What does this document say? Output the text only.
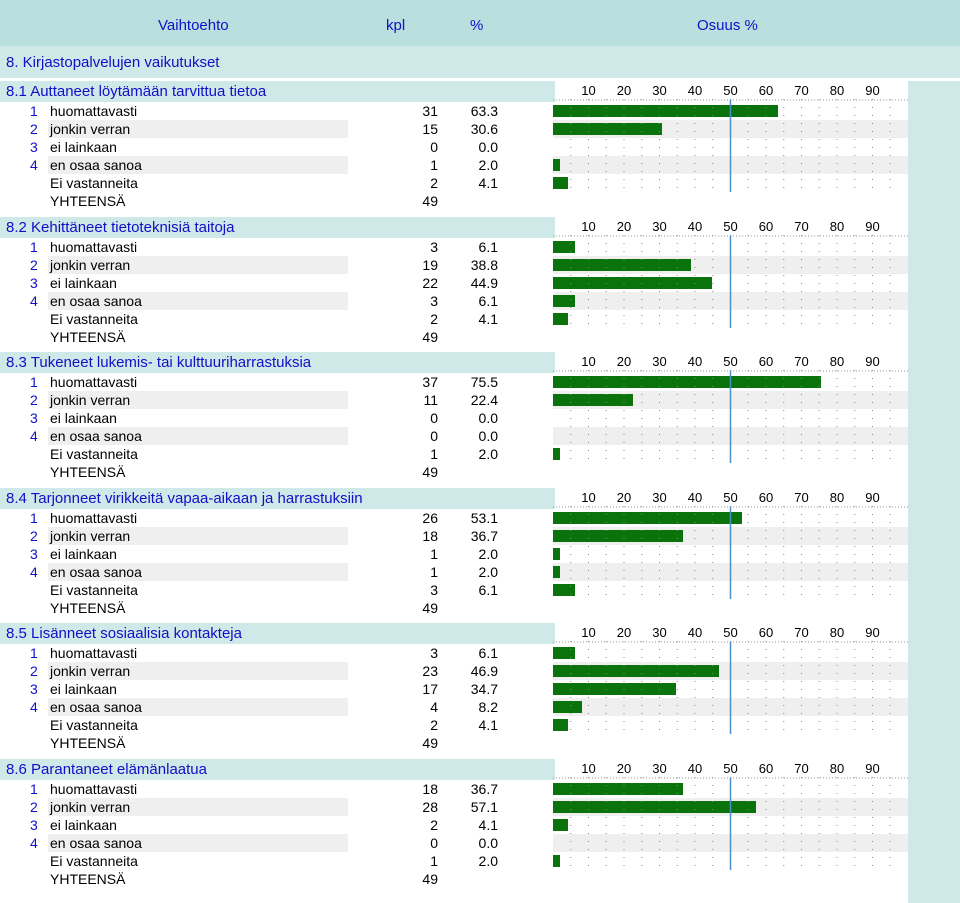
Vaihtoehto	kpl	%	Osuus %
8. Kirjastopalvelujen vaikutukset
8.1 Auttaneet löytämään tarvittua tietoa	10 20 30 40 50 60 70 80 90
1 huomattavasti	31	63.3
2 jonkin verran	15	30.6
3 ei lainkaan	0	0.0
4 en osaa sanoa	1	2.0
Ei vastanneita	2	4.1
YHTEENSÄ	49
8.2 Kehittäneet tietoteknisiä taitoja	10 20 30 40 50 60 70 80 90
1 huomattavasti	3	6.1
2 jonkin verran	19	38.8
3 ei lainkaan	22	44.9
4 en osaa sanoa	3	6.1
Ei vastanneita	2	4.1
YHTEENSÄ	49
8.3 Tukeneet lukemis- tai kulttuuriharrastuksia	10 20 30 40 50 60 70 80 90
1 huomattavasti	37	75.5
2 jonkin verran	11	22.4
3 ei lainkaan	0	0.0
4 en osaa sanoa	0	0.0
Ei vastanneita	1	2.0
YHTEENSÄ	49
8.4 Tarjonneet virikkeitä vapaa-aikaan ja harrastuksiin	10 20 30 40 50 60 70 80 90
1 huomattavasti	26	53.1
2 jonkin verran	18	36.7
3 ei lainkaan	1	2.0
4 en osaa sanoa	1	2.0
Ei vastanneita	3	6.1
YHTEENSÄ	49
8.5 Lisänneet sosiaalisia kontakteja	10 20 30 40 50 60 70 80 90
1 huomattavasti	3	6.1
2 jonkin verran	23	46.9
3 ei lainkaan	17	34.7
4 en osaa sanoa	4	8.2
Ei vastanneita	2	4.1
YHTEENSÄ	49
8.6 Parantaneet elämänlaatua	10 20 30 40 50 60 70 80 90
1 huomattavasti	18	36.7
2 jonkin verran	28	57.1
3 ei lainkaan	2	4.1
4 en osaa sanoa	0	0.0
Ei vastanneita	1	2.0
YHTEENSÄ	49
